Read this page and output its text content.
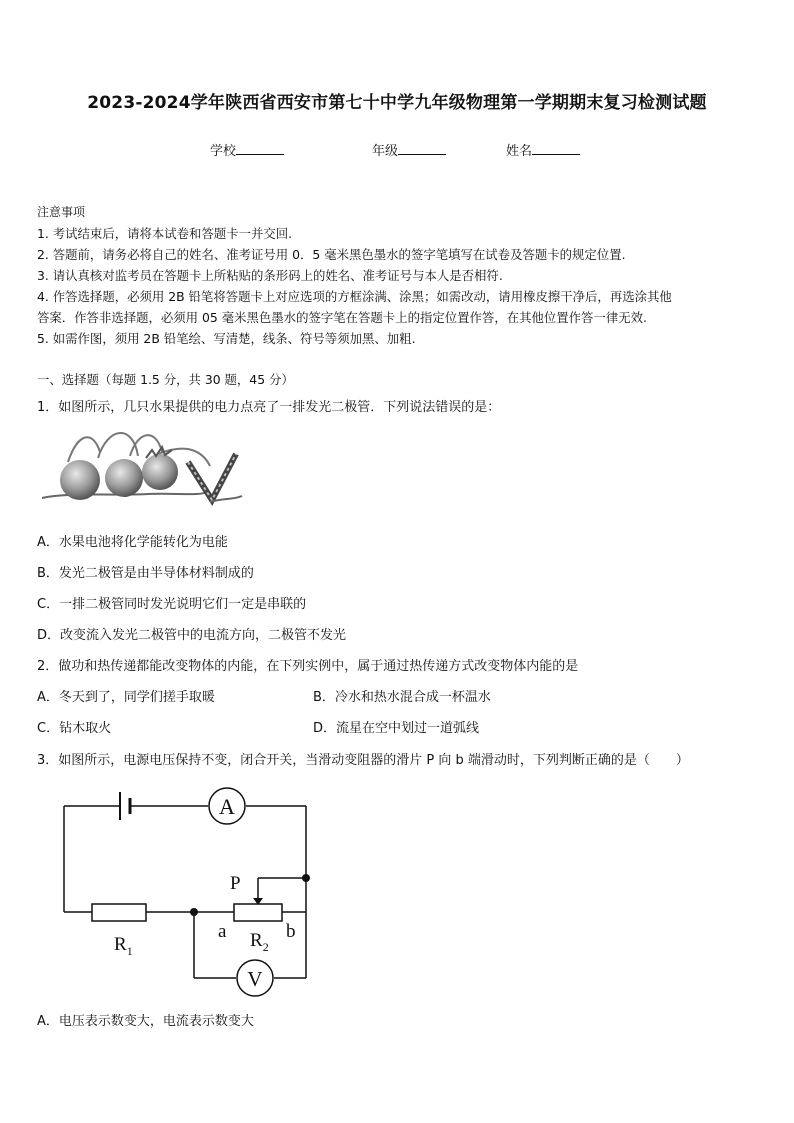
2023-2024学年陕西省西安市第七十中学九年级物理第一学期期末复习检测试题
学校	年级	姓名
注意事项
1. 考试结束后，请将本试卷和答题卡一并交回.
2. 答题前，请务必将自己的姓名、准考证号用 0．5 毫米黑色墨水的签字笔填写在试卷及答题卡的规定位置.
3. 请认真核对监考员在答题卡上所粘贴的条形码上的姓名、准考证号与本人是否相符.
4. 作答选择题，必须用 2B 铅笔将答题卡上对应选项的方框涂满、涂黑；如需改动，请用橡皮擦干净后，再选涂其他
答案．作答非选择题，必须用 05 毫米黑色墨水的签字笔在答题卡上的指定位置作答，在其他位置作答一律无效.
5. 如需作图，须用 2B 铅笔绘、写清楚，线条、符号等须加黑、加粗.
一、选择题（每题 1.5 分，共 30 题，45 分）
1．如图所示，几只水果提供的电力点亮了一排发光二极管．下列说法错误的是：
A．水果电池将化学能转化为电能
B．发光二极管是由半导体材料制成的
C．一排二极管同时发光说明它们一定是串联的
D．改变流入发光二极管中的电流方向，二极管不发光
2．做功和热传递都能改变物体的内能，在下列实例中，属于通过热传递方式改变物体内能的是
A．冬天到了，同学们搓手取暖	B．冷水和热水混合成一杯温水
C．钻木取火	D．流星在空中划过一道弧线
3．如图所示，电源电压保持不变，闭合开关，当滑动变阻器的滑片 P 向 b 端滑动时，下列判断正确的是（　　）
A
V
P
$R_1$	$R_2$
a	b
A．电压表示数变大，电流表示数变大
